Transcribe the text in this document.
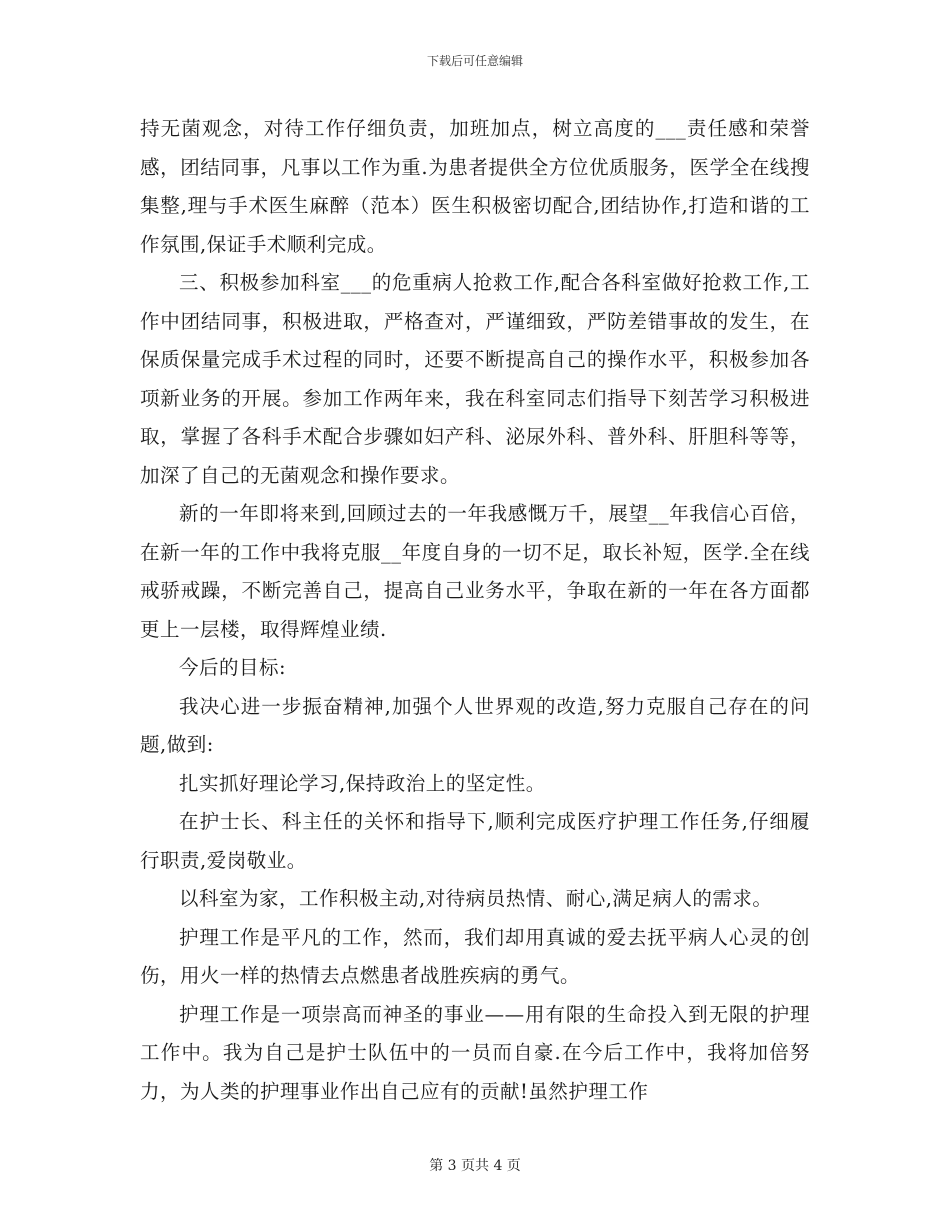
下载后可任意编辑

持无菌观念，对待工作仔细负责，加班加点，树立高度的___责任感和荣誉感，团结同事，凡事以工作为重.为患者提供全方位优质服务，医学全在线搜集整,理与手术医生麻醉（范本）医生积极密切配合,团结协作,打造和谐的工作氛围,保证手术顺利完成。

三、积极参加科室___的危重病人抢救工作,配合各科室做好抢救工作,工作中团结同事，积极进取，严格查对，严谨细致，严防差错事故的发生，在保质保量完成手术过程的同时，还要不断提高自己的操作水平，积极参加各项新业务的开展。参加工作两年来，我在科室同志们指导下刻苦学习积极进取，掌握了各科手术配合步骤如妇产科、泌尿外科、普外科、肝胆科等等，加深了自己的无菌观念和操作要求。

新的一年即将来到,回顾过去的一年我感慨万千，展望__年我信心百倍，在新一年的工作中我将克服__年度自身的一切不足，取长补短，医学.全在线戒骄戒躁，不断完善自己，提高自己业务水平，争取在新的一年在各方面都更上一层楼，取得辉煌业绩.

今后的目标:

我决心进一步振奋精神,加强个人世界观的改造,努力克服自己存在的问题,做到:

扎实抓好理论学习,保持政治上的坚定性。

在护士长、科主任的关怀和指导下,顺利完成医疗护理工作任务,仔细履行职责,爱岗敬业。

以科室为家，工作积极主动,对待病员热情、耐心,满足病人的需求。

护理工作是平凡的工作，然而，我们却用真诚的爱去抚平病人心灵的创伤，用火一样的热情去点燃患者战胜疾病的勇气。

护理工作是一项崇高而神圣的事业——用有限的生命投入到无限的护理工作中。我为自己是护士队伍中的一员而自豪.在今后工作中，我将加倍努力，为人类的护理事业作出自己应有的贡献!虽然护理工作

第 3 页共 4 页
